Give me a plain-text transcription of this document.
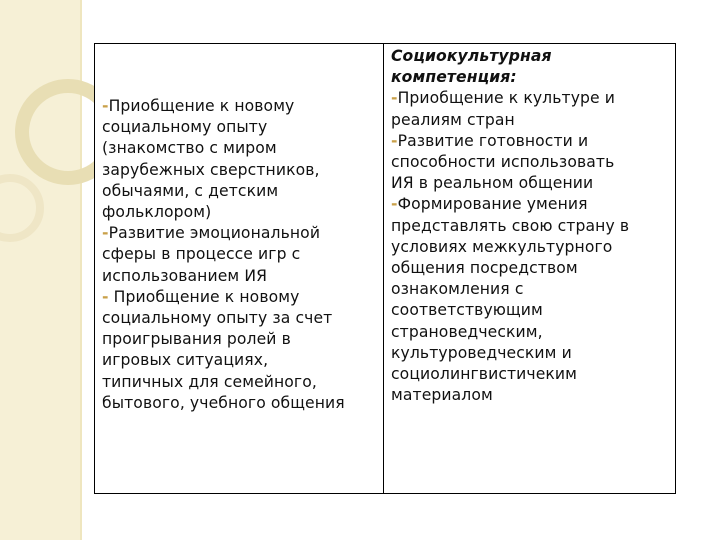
-Приобщение к новому
социальному опыту
(знакомство с миром
зарубежных сверстников,
обычаями, с детским
фольклором)
-Развитие эмоциональной
сферы в процессе игр с
использованием ИЯ
- Приобщение к новому
социальному опыту за счет
проигрывания ролей в
игровых ситуациях,
типичных для семейного,
бытового, учебного общения
Социокультурная
компетенция:
-Приобщение к культуре и
реалиям стран
-Развитие готовности и
способности использовать
ИЯ в реальном общении
-Формирование умения
представлять свою страну в
условиях межкультурного
общения посредством
ознакомления с
соответствующим
страноведческим,
культуроведческим и
социолингвистичеким
материалом
